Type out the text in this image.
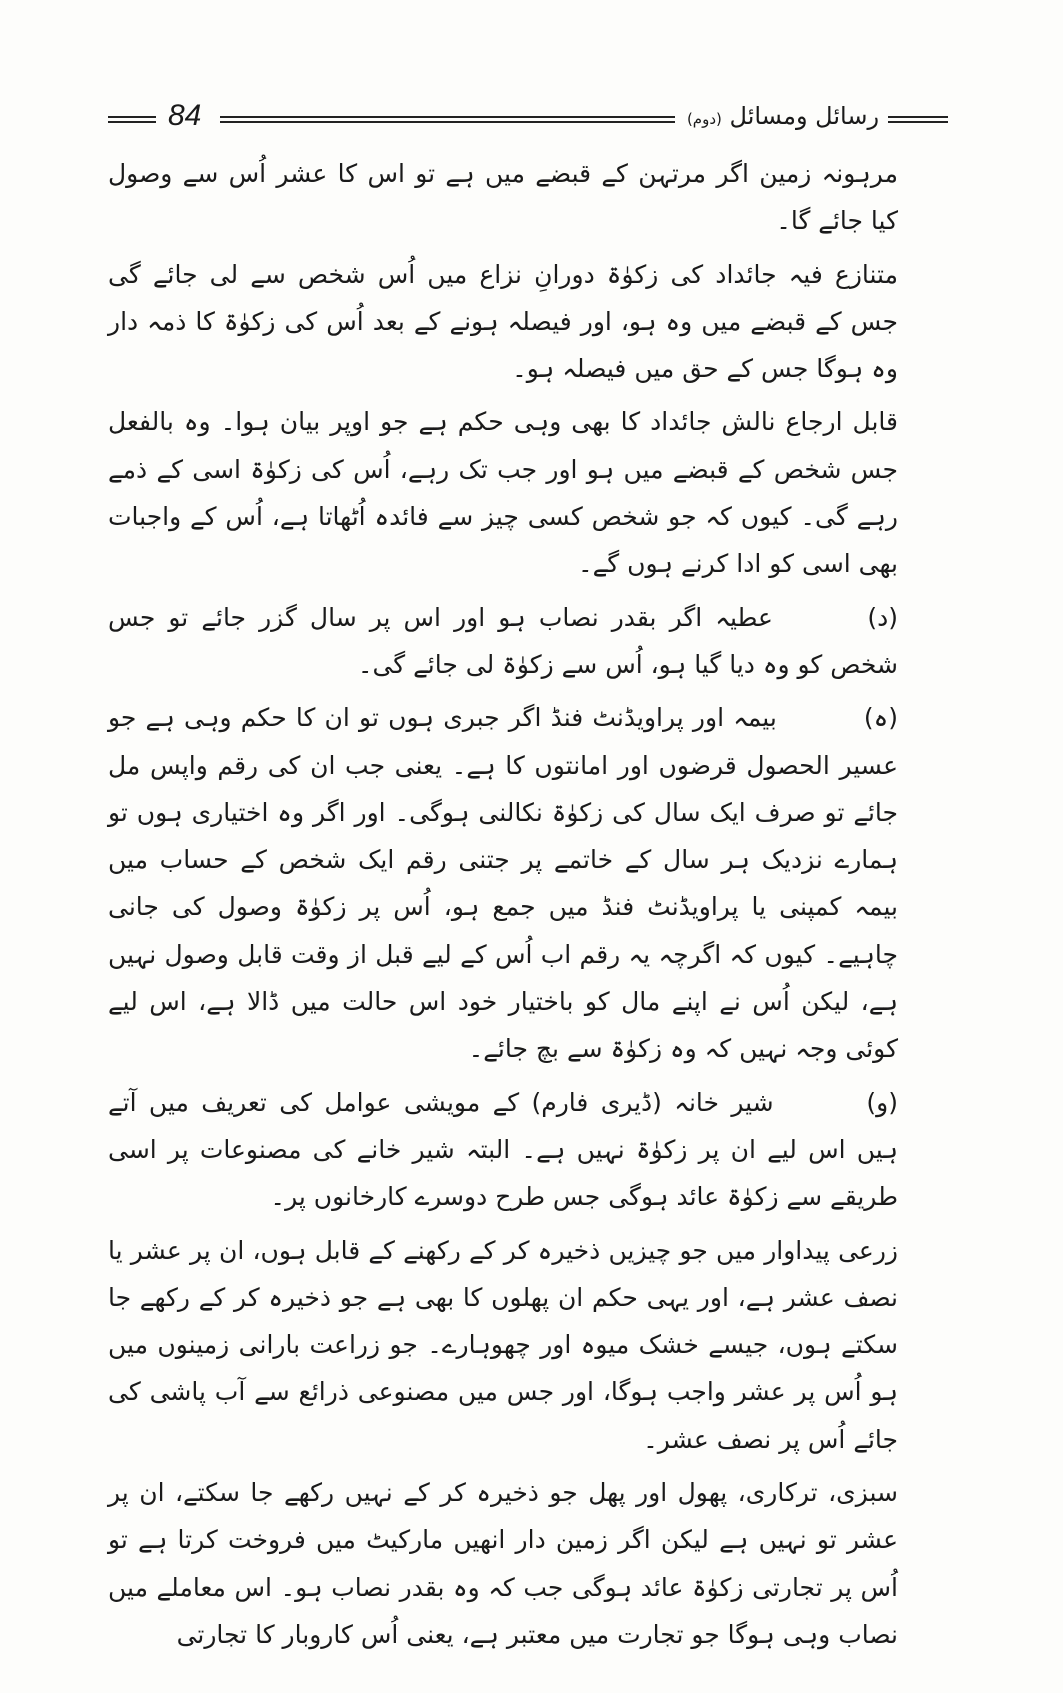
84	رسائل ومسائل (دوم)

مرہونہ زمین اگر مرتہن کے قبضے میں ہے تو اس کا عشر اُس سے وصول کیا جائے گا۔

متنازع فیہ جائداد کی زکوٰۃ دورانِ نزاع میں اُس شخص سے لی جائے گی جس کے قبضے میں وہ ہو، اور فیصلہ ہونے کے بعد اُس کی زکوٰۃ کا ذمہ دار وہ ہوگا جس کے حق میں فیصلہ ہو۔

قابل ارجاع نالش جائداد کا بھی وہی حکم ہے جو اوپر بیان ہوا۔ وہ بالفعل جس شخص کے قبضے میں ہو اور جب تک رہے، اُس کی زکوٰۃ اسی کے ذمے رہے گی۔ کیوں کہ جو شخص کسی چیز سے فائدہ اُٹھاتا ہے، اُس کے واجبات بھی اسی کو ادا کرنے ہوں گے۔

(د) عطیہ اگر بقدر نصاب ہو اور اس پر سال گزر جائے تو جس شخص کو وہ دیا گیا ہو، اُس سے زکوٰۃ لی جائے گی۔

(ہ) بیمہ اور پراویڈنٹ فنڈ اگر جبری ہوں تو ان کا حکم وہی ہے جو عسیر الحصول قرضوں اور امانتوں کا ہے۔ یعنی جب ان کی رقم واپس مل جائے تو صرف ایک سال کی زکوٰۃ نکالنی ہوگی۔ اور اگر وہ اختیاری ہوں تو ہمارے نزدیک ہر سال کے خاتمے پر جتنی رقم ایک شخص کے حساب میں بیمہ کمپنی یا پراویڈنٹ فنڈ میں جمع ہو، اُس پر زکوٰۃ وصول کی جانی چاہیے۔ کیوں کہ اگرچہ یہ رقم اب اُس کے لیے قبل از وقت قابل وصول نہیں ہے، لیکن اُس نے اپنے مال کو باختیار خود اس حالت میں ڈالا ہے، اس لیے کوئی وجہ نہیں کہ وہ زکوٰۃ سے بچ جائے۔

(و) شیر خانہ (ڈیری فارم) کے مویشی عوامل کی تعریف میں آتے ہیں اس لیے ان پر زکوٰۃ نہیں ہے۔ البتہ شیر خانے کی مصنوعات پر اسی طریقے سے زکوٰۃ عائد ہوگی جس طرح دوسرے کارخانوں پر۔

زرعی پیداوار میں جو چیزیں ذخیرہ کر کے رکھنے کے قابل ہوں، ان پر عشر یا نصف عشر ہے، اور یہی حکم ان پھلوں کا بھی ہے جو ذخیرہ کر کے رکھے جا سکتے ہوں، جیسے خشک میوہ اور چھوہارے۔ جو زراعت بارانی زمینوں میں ہو اُس پر عشر واجب ہوگا، اور جس میں مصنوعی ذرائع سے آب پاشی کی جائے اُس پر نصف عشر۔

سبزی، ترکاری، پھول اور پھل جو ذخیرہ کر کے نہیں رکھے جا سکتے، ان پر عشر تو نہیں ہے لیکن اگر زمین دار انھیں مارکیٹ میں فروخت کرتا ہے تو اُس پر تجارتی زکوٰۃ عائد ہوگی جب کہ وہ بقدر نصاب ہو۔ اس معاملے میں نصاب وہی ہوگا جو تجارت میں معتبر ہے، یعنی اُس کاروبار کا تجارتی
